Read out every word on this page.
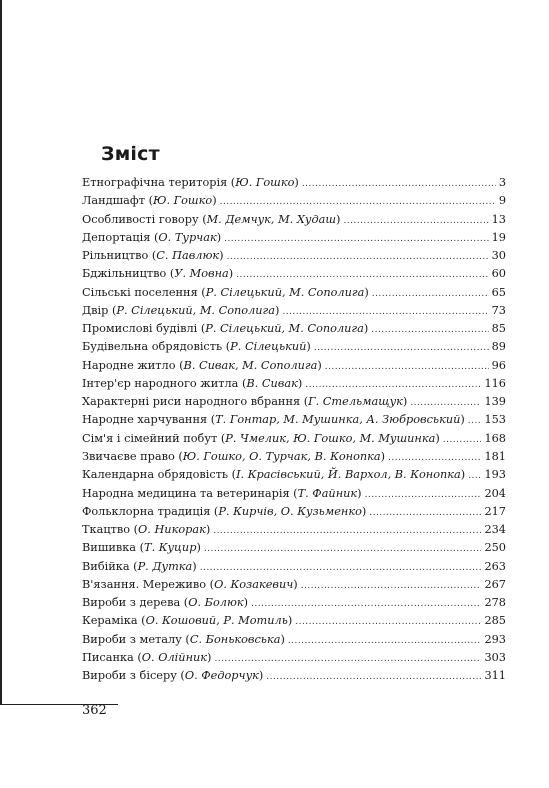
Зміст
Етнографічна територія (Ю. Гошко) . . .	3
Ландшафт (Ю. Гошко) . . .	9
Особливості говору (М. Демчук, М. Худаш) . . .	13
Депортація (О. Турчак) . . .	19
Рільництво (С. Павлюк) . . .	30
Бджільництво (У. Мовна) . . .	60
Сільські поселення (Р. Сілецький, М. Сополига) . . .	65
Двір (Р. Сілецький, М. Сополига) . . .	73
Промислові будівлі (Р. Сілецький, М. Сополига) . . .	85
Будівельна обрядовість (Р. Сілецький) . . .	89
Народне житло (В. Сивак, М. Сополига) . . .	96
Інтер'єр народного житла (В. Сивак) . . .	116
Характерні риси народного вбрання (Г. Стельмащук) . . .	139
Народне харчування (Т. Гонтар, М. Мушинка, А. Зюбровський) . . . 153
Сім'я і сімейний побут (Р. Чмелик, Ю. Гошко, М. Мушинка) . . .	168
Звичаєве право (Ю. Гошко, О. Турчак, В. Конопка) . . .	181
Календарна обрядовість (І. Красівський, Й. Вархол, В. Конопка) . . . 193
Народна медицина та ветеринарія (Т. Файник) . . .	204
Фольклорна традиція (Р. Кирчів, О. Кузьменко) . . .	217
Ткацтво (О. Никорак) . . .	234
Вишивка (Т. Куцир) . . .	250
Вибійка (Р. Дутка) . . .	263
В'язання. Мереживо (О. Козакевич) . . .	267
Вироби з дерева (О. Болюк) . . .	278
Кераміка (О. Кошовий, Р. Мотиль) . . .	285
Вироби з металу (С. Боньковська) . . .	293
Писанка (О. Олійник) . . .	303
Вироби з бісеру (О. Федорчук) . . .	311
362
